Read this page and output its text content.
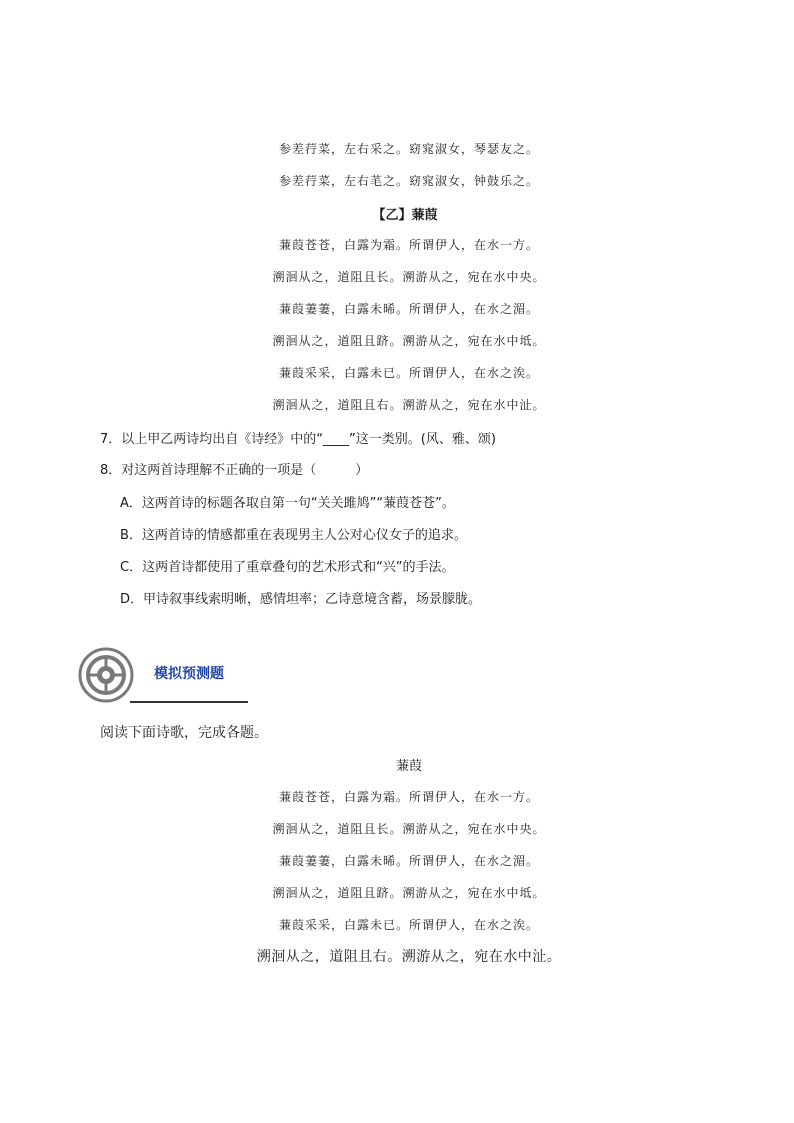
参差荇菜，左右采之。窈窕淑女，琴瑟友之。
参差荇菜，左右芼之。窈窕淑女，钟鼓乐之。
【乙】蒹葭
蒹葭苍苍，白露为霜。所谓伊人，在水一方。
溯洄从之，道阻且长。溯游从之，宛在水中央。
蒹葭萋萋，白露未晞。所谓伊人，在水之湄。
溯洄从之，道阻且跻。溯游从之，宛在水中坻。
蒹葭采采，白露未已。所谓伊人，在水之涘。
溯洄从之，道阻且右。溯游从之，宛在水中沚。
7．以上甲乙两诗均出自《诗经》中的“____”这一类别。(风、雅、颂)
8．对这两首诗理解不正确的一项是（　　　）
A．这两首诗的标题各取自第一句“关关雎鸠”“蒹葭苍苍”。
B．这两首诗的情感都重在表现男主人公对心仪女子的追求。
C．这两首诗都使用了重章叠句的艺术形式和“兴”的手法。
D．甲诗叙事线索明晰，感情坦率；乙诗意境含蓄，场景朦胧。
模拟预测题
阅读下面诗歌，完成各题。
蒹葭
蒹葭苍苍，白露为霜。所谓伊人，在水一方。
溯洄从之，道阻且长。溯游从之，宛在水中央。
蒹葭萋萋，白露未晞。所谓伊人，在水之湄。
溯洄从之，道阻且跻。溯游从之，宛在水中坻。
蒹葭采采，白露未已。所谓伊人，在水之涘。
溯洄从之，道阻且右。溯游从之，宛在水中沚。
